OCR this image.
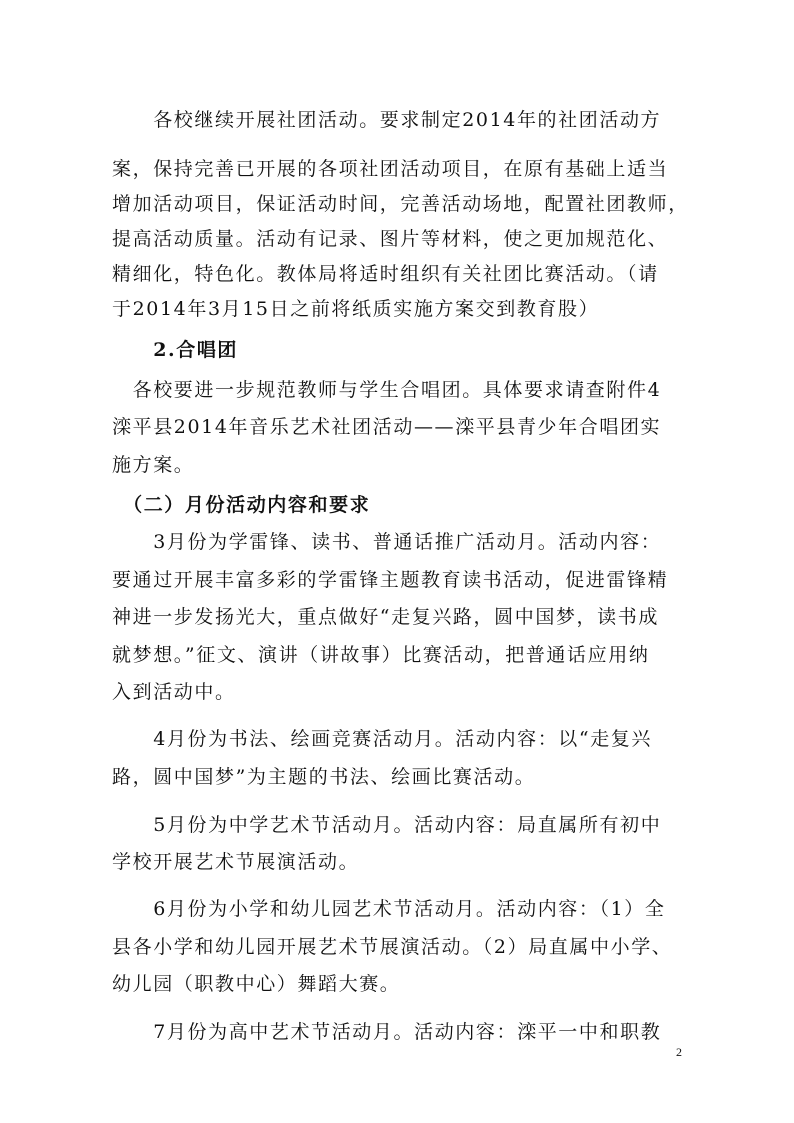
　　各校继续开展社团活动。要求制定2014年的社团活动方
案，保持完善已开展的各项社团活动项目，在原有基础上适当
增加活动项目，保证活动时间，完善活动场地，配置社团教师，
提高活动质量。活动有记录、图片等材料，使之更加规范化、
精细化，特色化。教体局将适时组织有关社团比赛活动。（请
于2014年3月15日之前将纸质实施方案交到教育股）
　　2.合唱团
　各校要进一步规范教师与学生合唱团。具体要求请查附件4
滦平县2014年音乐艺术社团活动——滦平县青少年合唱团实
施方案。
　（二）月份活动内容和要求
　　3月份为学雷锋、读书、普通话推广活动月。活动内容：
要通过开展丰富多彩的学雷锋主题教育读书活动，促进雷锋精
神进一步发扬光大，重点做好“走复兴路，圆中国梦，读书成
就梦想。”征文、演讲（讲故事）比赛活动，把普通话应用纳
入到活动中。
　　4月份为书法、绘画竞赛活动月。活动内容：以“走复兴
路，圆中国梦”为主题的书法、绘画比赛活动。
　　5月份为中学艺术节活动月。活动内容：局直属所有初中
学校开展艺术节展演活动。
　　6月份为小学和幼儿园艺术节活动月。活动内容：（1）全
县各小学和幼儿园开展艺术节展演活动。（2）局直属中小学、
幼儿园（职教中心）舞蹈大赛。
　　7月份为高中艺术节活动月。活动内容：滦平一中和职教
2
